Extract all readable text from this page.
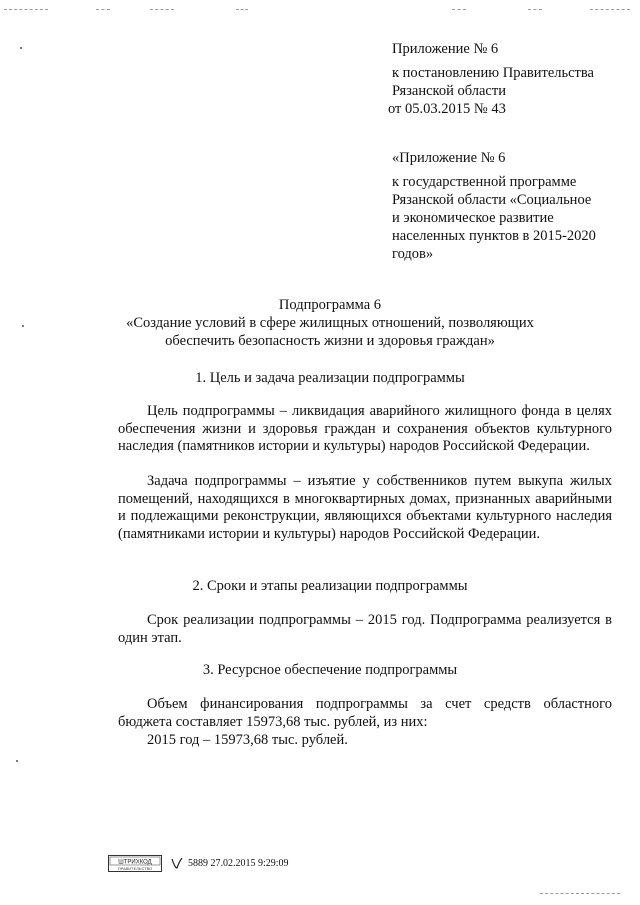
Приложение № 6
к постановлению Правительства
Рязанской области
от 05.03.2015 № 43
«Приложение № 6
к государственной программе
Рязанской области «Социальное
и экономическое развитие
населенных пунктов в 2015-2020
годов»
Подпрограмма 6
«Создание условий в сфере жилищных отношений, позволяющих
обеспечить безопасность жизни и здоровья граждан»
1. Цель и задача реализации подпрограммы
Цель подпрограммы – ликвидация аварийного жилищного фонда в целях обеспечения жизни и здоровья граждан и сохранения объектов культурного наследия (памятников истории и культуры) народов Российской Федерации.
Задача подпрограммы – изъятие у собственников путем выкупа жилых помещений, находящихся в многоквартирных домах, признанных аварийными и подлежащими реконструкции, являющихся объектами культурного наследия (памятниками истории и культуры) народов Российской Федерации.
2. Сроки и этапы реализации подпрограммы
Срок реализации подпрограммы – 2015 год. Подпрограмма реализуется в один этап.
3. Ресурсное обеспечение подпрограммы
Объем финансирования подпрограммы за счет средств областного бюджета составляет 15973,68 тыс. рублей, из них:
2015 год – 15973,68 тыс. рублей.
ШТРИХКОД
ПРАВИТЕЛЬСТВО	5889 27.02.2015 9:29:09
